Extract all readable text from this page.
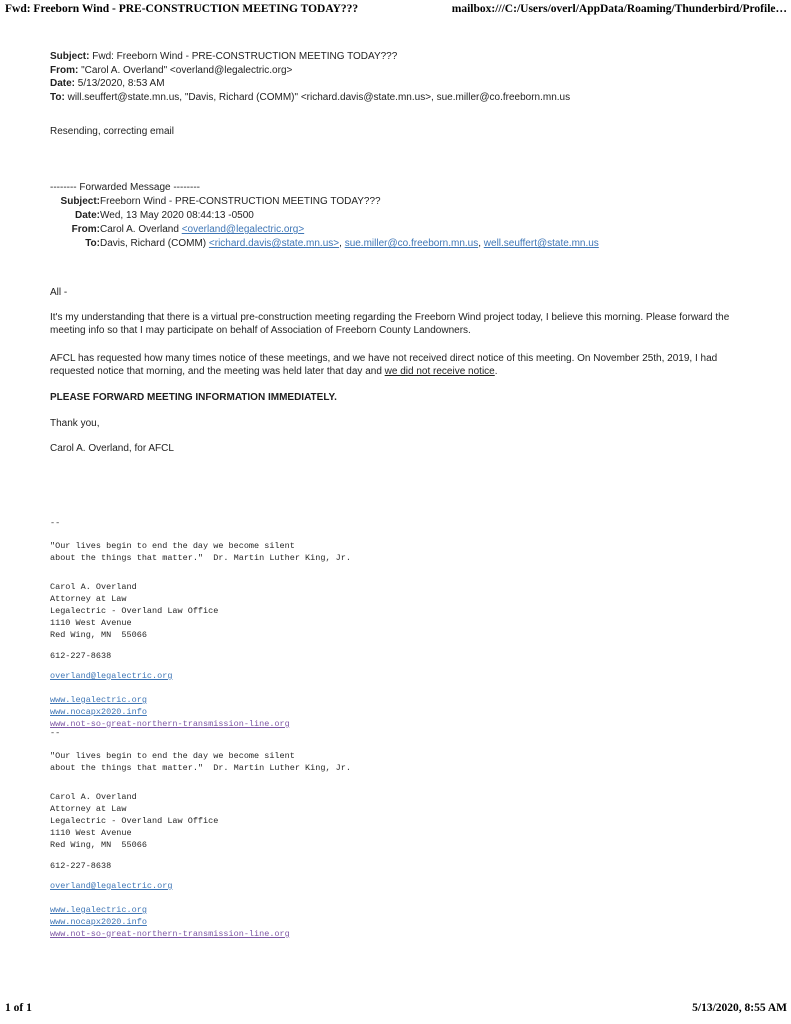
Fwd: Freeborn Wind - PRE-CONSTRUCTION MEETING TODAY???	mailbox:///C:/Users/overl/AppData/Roaming/Thunderbird/Profile…
Subject: Fwd: Freeborn Wind - PRE-CONSTRUCTION MEETING TODAY???
From: "Carol A. Overland" <overland@legalectric.org>
Date: 5/13/2020, 8:53 AM
To: will.seuffert@state.mn.us, "Davis, Richard (COMM)" <richard.davis@state.mn.us>, sue.miller@co.freeborn.mn.us
Resending, correcting email
-------- Forwarded Message --------
Subject: Freeborn Wind - PRE-CONSTRUCTION MEETING TODAY???
Date: Wed, 13 May 2020 08:44:13 -0500
From: Carol A. Overland <overland@legalectric.org>
To: Davis, Richard (COMM) <richard.davis@state.mn.us>, sue.miller@co.freeborn.mn.us, well.seuffert@state.mn.us
All -
It's my understanding that there is a virtual pre-construction meeting regarding the Freeborn Wind project today, I believe this morning. Please forward the meeting info so that I may participate on behalf of Association of Freeborn County Landowners.
AFCL has requested how many times notice of these meetings, and we have not received direct notice of this meeting. On November 25th, 2019, I had requested notice that morning, and the meeting was held later that day and we did not receive notice.
PLEASE FORWARD MEETING INFORMATION IMMEDIATELY.
Thank you,
Carol A. Overland, for AFCL
--
"Our lives begin to end the day we become silent
about the things that matter."  Dr. Martin Luther King, Jr.
Carol A. Overland
Attorney at Law
Legalectric - Overland Law Office
1110 West Avenue
Red Wing, MN  55066
612-227-8638
overland@legalectric.org
www.legalectric.org
www.nocapx2020.info
www.not-so-great-northern-transmission-line.org
--
"Our lives begin to end the day we become silent
about the things that matter."  Dr. Martin Luther King, Jr.
Carol A. Overland
Attorney at Law
Legalectric - Overland Law Office
1110 West Avenue
Red Wing, MN  55066
612-227-8638
overland@legalectric.org
www.legalectric.org
www.nocapx2020.info
www.not-so-great-northern-transmission-line.org
1 of 1	5/13/2020, 8:55 AM
